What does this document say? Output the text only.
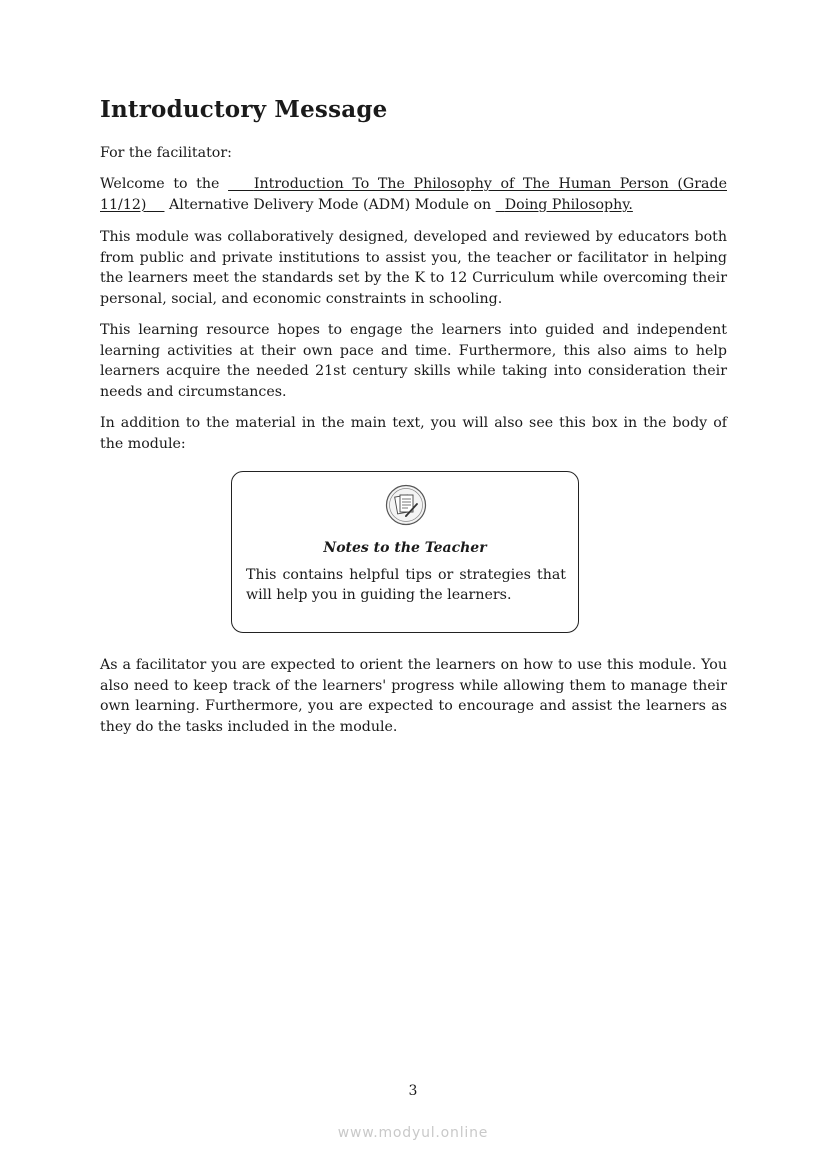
Introductory Message

For the facilitator:

Welcome to the Introduction To The Philosophy of The Human Person (Grade 11/12) Alternative Delivery Mode (ADM) Module on Doing Philosophy.

This module was collaboratively designed, developed and reviewed by educators both from public and private institutions to assist you, the teacher or facilitator in helping the learners meet the standards set by the K to 12 Curriculum while overcoming their personal, social, and economic constraints in schooling.

This learning resource hopes to engage the learners into guided and independent learning activities at their own pace and time. Furthermore, this also aims to help learners acquire the needed 21st century skills while taking into consideration their needs and circumstances.

In addition to the material in the main text, you will also see this box in the body of the module:

As a facilitator you are expected to orient the learners on how to use this module. You also need to keep track of the learners' progress while allowing them to manage their own learning. Furthermore, you are expected to encourage and assist the learners as they do the tasks included in the module.

Notes to the Teacher

This contains helpful tips or strategies that will help you in guiding the learners.

3
www.modyul.online
